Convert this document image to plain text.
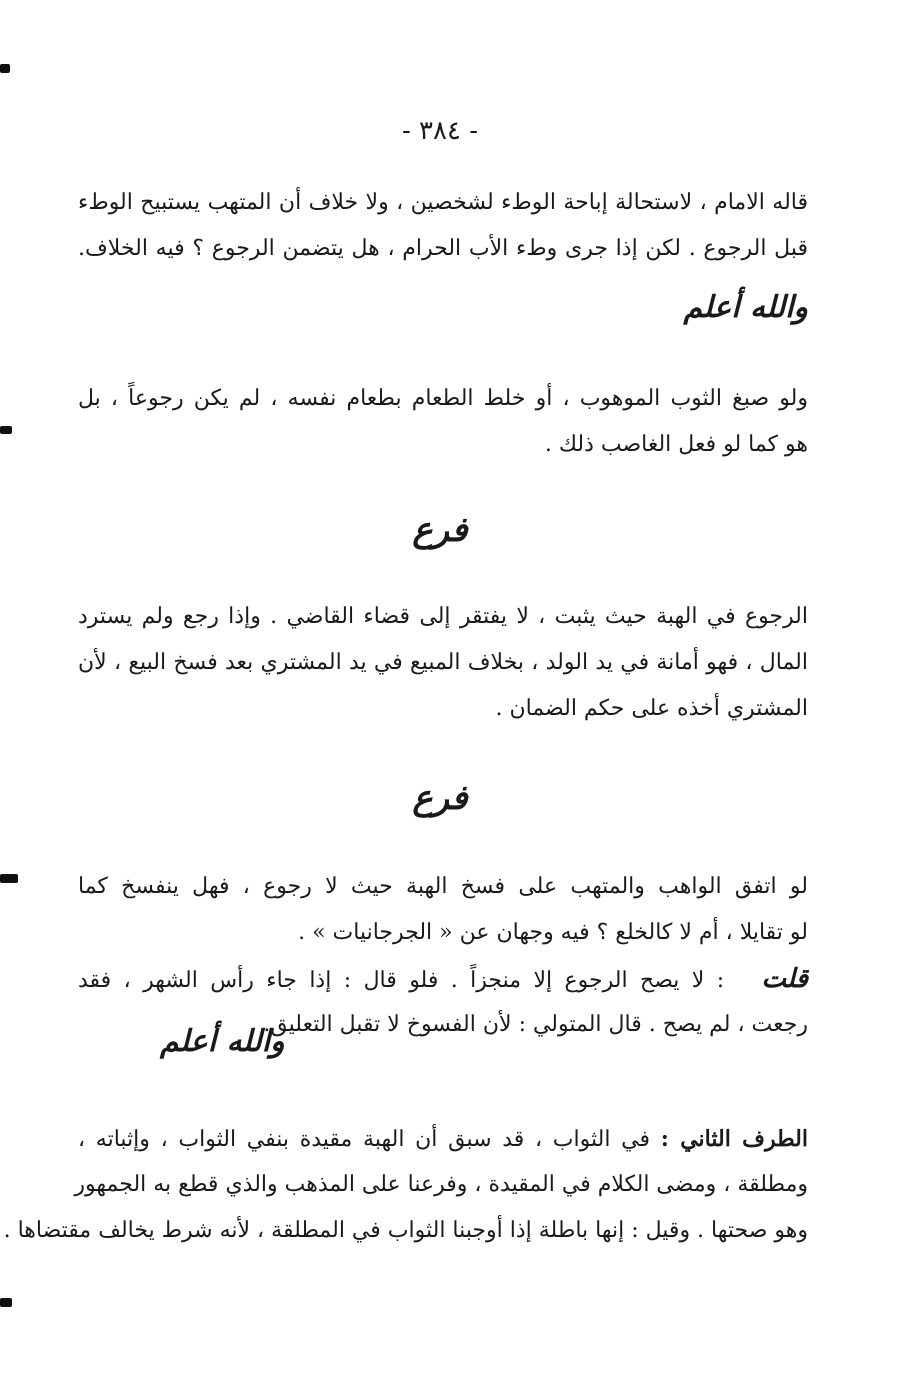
- ٣٨٤ -
قاله الامام ، لاستحالة إباحة الوطء لشخصين ، ولا خلاف أن المتهب يستبيح الوطء
قبل الرجوع . لكن إذا جرى وطء الأب الحرام ، هل يتضمن الرجوع ؟ فيه الخلاف.
والله أعلم
ولو صبغ الثوب الموهوب ، أو خلط الطعام بطعام نفسه ، لم يكن رجوعاً ، بل
هو كما لو فعل الغاصب ذلك .
فرع
الرجوع في الهبة حيث يثبت ، لا يفتقر إلى قضاء القاضي . وإذا رجع ولم يسترد
المال ، فهو أمانة في يد الولد ، بخلاف المبيع في يد المشتري بعد فسخ البيع ، لأن
المشتري أخذه على حكم الضمان .
فرع
لو اتفق الواهب والمتهب على فسخ الهبة حيث لا رجوع ، فهل ينفسخ كما
لو تقايلا ، أم لا كالخلع ؟ فيه وجهان عن « الجرجانيات » .
قلت   : لا يصح الرجوع إلا منجزاً . فلو قال : إذا جاء رأس الشهر ، فقد
رجعت ، لم يصح . قال المتولي : لأن الفسوخ لا تقبل التعليق.
والله أعلم
الطرف الثاني : في الثواب ، قد سبق أن الهبة مقيدة بنفي الثواب ، وإثباته ،
ومطلقة ، ومضى الكلام في المقيدة ، وفرعنا على المذهب والذي قطع به الجمهور
وهو صحتها . وقيل : إنها باطلة إذا أوجبنا الثواب في المطلقة ، لأنه شرط يخالف مقتضاها .
